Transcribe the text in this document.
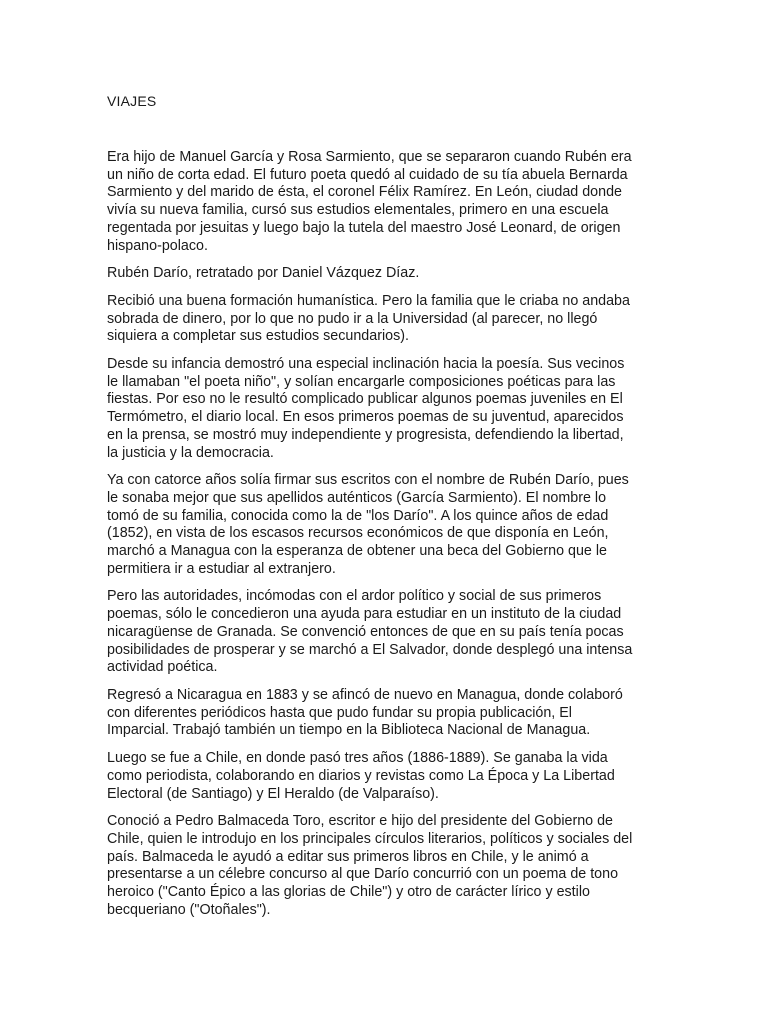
VIAJES

Era hijo de Manuel García y Rosa Sarmiento, que se separaron cuando Rubén era
un niño de corta edad. El futuro poeta quedó al cuidado de su tía abuela Bernarda
Sarmiento y del marido de ésta, el coronel Félix Ramírez. En León, ciudad donde
vivía su nueva familia, cursó sus estudios elementales, primero en una escuela
regentada por jesuitas y luego bajo la tutela del maestro José Leonard, de origen
hispano-polaco.

Rubén Darío, retratado por Daniel Vázquez Díaz.

Recibió una buena formación humanística. Pero la familia que le criaba no andaba
sobrada de dinero, por lo que no pudo ir a la Universidad (al parecer, no llegó
siquiera a completar sus estudios secundarios).

Desde su infancia demostró una especial inclinación hacia la poesía. Sus vecinos
le llamaban "el poeta niño", y solían encargarle composiciones poéticas para las
fiestas. Por eso no le resultó complicado publicar algunos poemas juveniles en El
Termómetro, el diario local. En esos primeros poemas de su juventud, aparecidos
en la prensa, se mostró muy independiente y progresista, defendiendo la libertad,
la justicia y la democracia.

Ya con catorce años solía firmar sus escritos con el nombre de Rubén Darío, pues
le sonaba mejor que sus apellidos auténticos (García Sarmiento). El nombre lo
tomó de su familia, conocida como la de "los Darío". A los quince años de edad
(1852), en vista de los escasos recursos económicos de que disponía en León,
marchó a Managua con la esperanza de obtener una beca del Gobierno que le
permitiera ir a estudiar al extranjero.

Pero las autoridades, incómodas con el ardor político y social de sus primeros
poemas, sólo le concedieron una ayuda para estudiar en un instituto de la ciudad
nicaragüense de Granada. Se convenció entonces de que en su país tenía pocas
posibilidades de prosperar y se marchó a El Salvador, donde desplegó una intensa
actividad poética.

Regresó a Nicaragua en 1883 y se afincó de nuevo en Managua, donde colaboró
con diferentes periódicos hasta que pudo fundar su propia publicación, El
Imparcial. Trabajó también un tiempo en la Biblioteca Nacional de Managua.

Luego se fue a Chile, en donde pasó tres años (1886-1889). Se ganaba la vida
como periodista, colaborando en diarios y revistas como La Época y La Libertad
Electoral (de Santiago) y El Heraldo (de Valparaíso).

Conoció a Pedro Balmaceda Toro, escritor e hijo del presidente del Gobierno de
Chile, quien le introdujo en los principales círculos literarios, políticos y sociales del
país. Balmaceda le ayudó a editar sus primeros libros en Chile, y le animó a
presentarse a un célebre concurso al que Darío concurrió con un poema de tono
heroico ("Canto Épico a las glorias de Chile") y otro de carácter lírico y estilo
becqueriano ("Otoñales").
